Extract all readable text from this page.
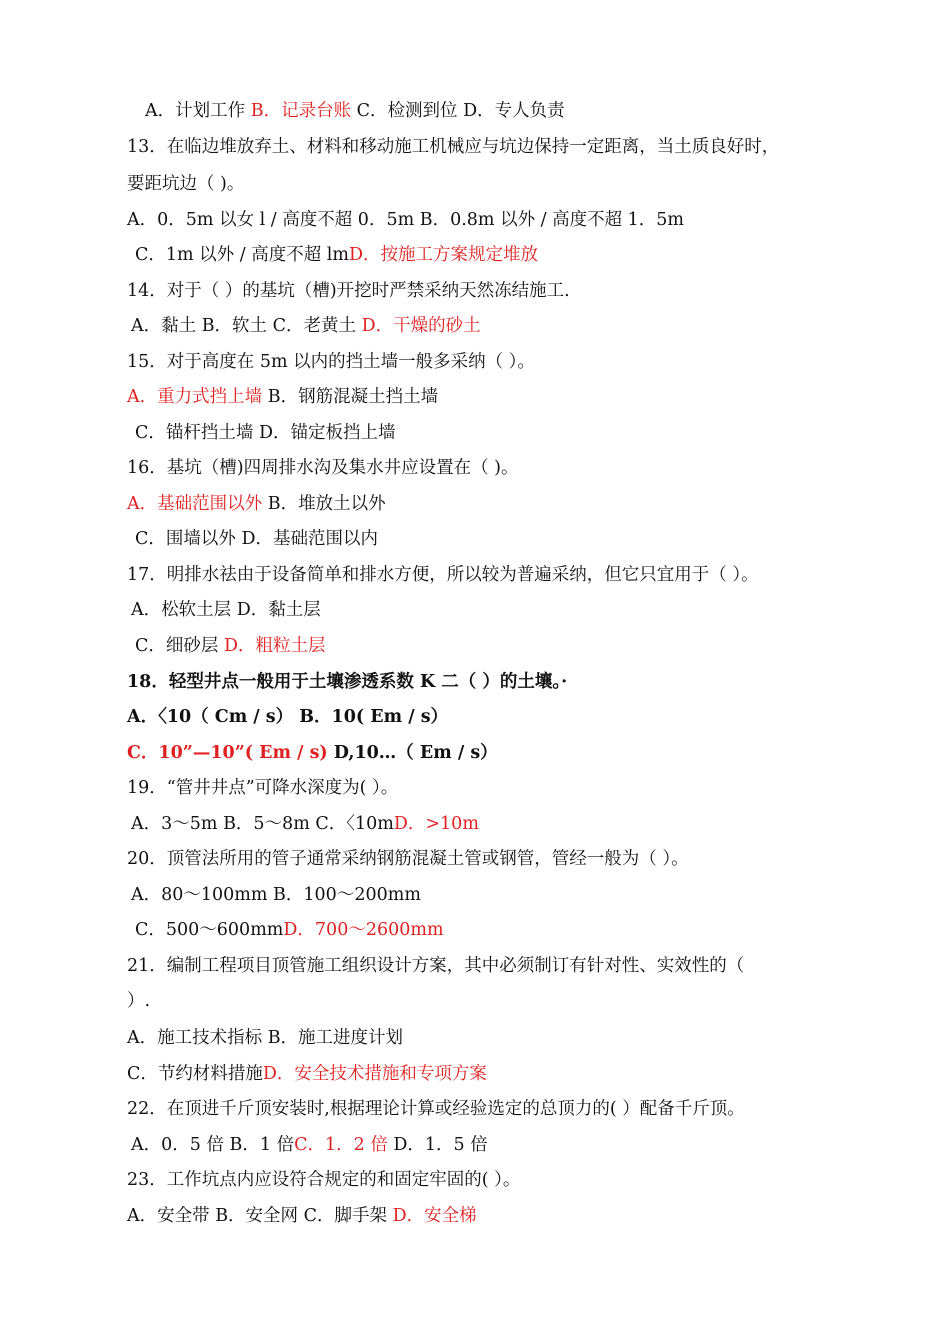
A．计划工作 B．记录台账 C．检测到位 D．专人负责
13．在临边堆放弃土、材料和移动施工机械应与坑边保持一定距离，当土质良好时，
要距坑边（ )。
A．0．5m 以女 l / 高度不超 0．5m B．0.8m 以外 / 高度不超 1．5m
C．1m 以外 / 高度不超 lmD．按施工方案规定堆放
14．对于（ ）的基坑（槽)开挖时严禁采纳天然冻结施工.
A．黏土 B．软土 C．老黄土 D．干燥的砂土
15．对于高度在 5m 以内的挡土墙一般多采纳（ ）。
A．重力式挡上墙 B．钢筋混凝土挡土墙
C．锚杆挡土墙 D．锚定板挡上墙
16．基坑（槽)四周排水沟及集水井应设置在（ )。
A．基础范围以外 B．堆放土以外
C．围墙以外 D．基础范围以内
17．明排水祛由于设备简单和排水方便，所以较为普遍采纳，但它只宜用于（ ）。
A．松软土层 D．黏土层
C．细砂层 D．粗粒土层
18．轻型井点一般用于土壤渗透系数 K 二（ ）的土壤。·
A．〈10（ Cm / s） B．10( Em / s）
C．10”—10”( Em / s) D,10…（ Em / s）
19．“管井井点”可降水深度为( ）。
A．3～5m B．5～8m C．〈10mD．>10m
20．顶管法所用的管子通常采纳钢筋混凝土管或钢管，管经一般为（ ）。
A．80～100mm B．100～200mm
C．500～600mmD．700～2600mm
21．编制工程项目顶管施工组织设计方案，其中必须制订有针对性、实效性的（
）.
A．施工技术指标 B．施工进度计划
C．节约材料措施D．安全技术措施和专项方案
22．在顶进千斤顶安装时,根据理论计算或经验选定的总顶力的( ）配备千斤顶。
A．0．5 倍 B．1 倍C．1．2 倍 D．1．5 倍
23．工作坑点内应设符合规定的和固定牢固的( ）。
A．安全带 B．安全网 C．脚手架 D．安全梯
